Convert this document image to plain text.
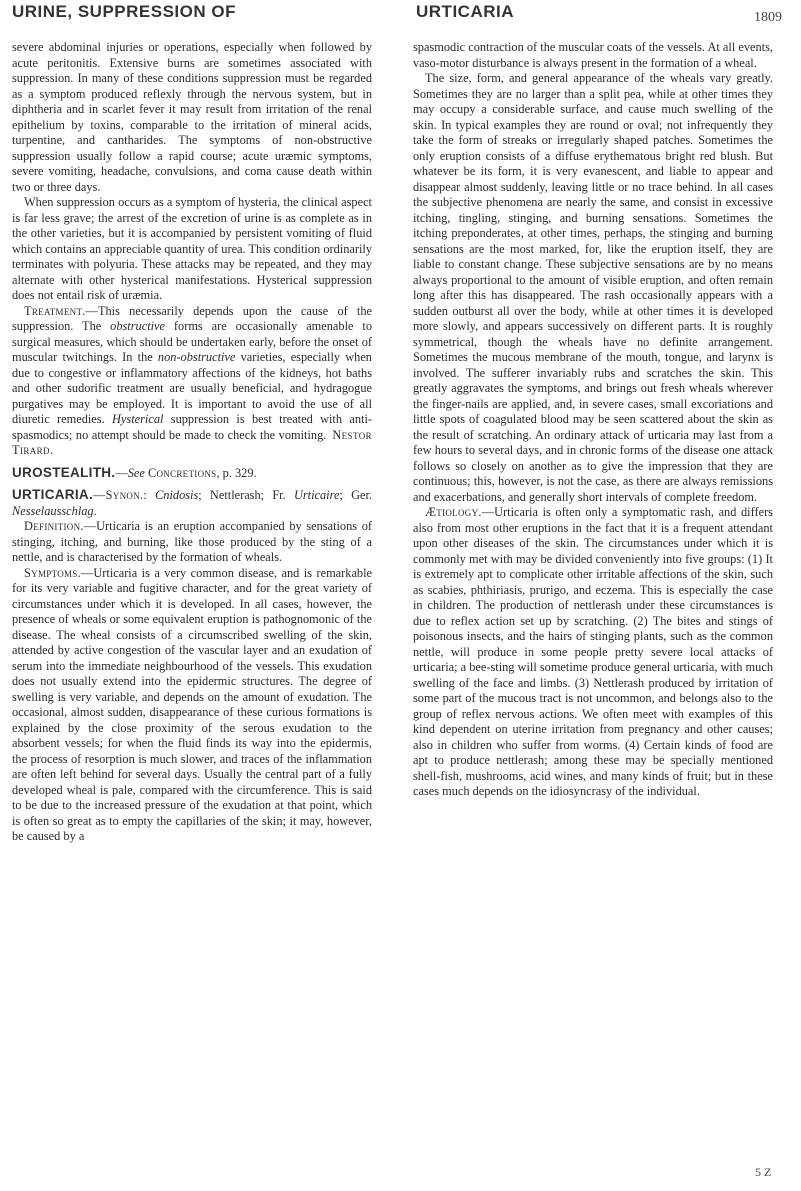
URINE, SUPPRESSION OF	URTICARIA	1809

severe abdominal injuries or operations, especially when followed by acute peritonitis. Extensive burns are sometimes associated with suppression. In many of these conditions suppression must be regarded as a symptom produced reflexly through the nervous system, but in diphtheria and in scarlet fever it may result from irritation of the renal epithelium by toxins, comparable to the irritation of mineral acids, turpentine, and cantharides. The symptoms of non-obstructive suppression usually follow a rapid course; acute uræmic symptoms, severe vomiting, headache, convulsions, and coma cause death within two or three days.

When suppression occurs as a symptom of hysteria, the clinical aspect is far less grave; the arrest of the excretion of urine is as complete as in the other varieties, but it is accompanied by persistent vomiting of fluid which contains an appreciable quantity of urea. This condition ordinarily terminates with polyuria. These attacks may be repeated, and they may alternate with other hysterical manifestations. Hysterical suppression does not entail risk of uræmia.

Treatment.—This necessarily depends upon the cause of the suppression. The obstructive forms are occasionally amenable to surgical measures, which should be undertaken early, before the onset of muscular twitchings. In the non-obstructive varieties, especially when due to congestive or inflammatory affections of the kidneys, hot baths and other sudorific treatment are usually beneficial, and hydragogue purgatives may be employed. It is important to avoid the use of all diuretic remedies. Hysterical suppression is best treated with anti-spasmodics; no attempt should be made to check the vomiting. Nestor Tirard.

UROSTEALITH.—See Concretions, p. 329.

URTICARIA.—Synon.: Cnidosis; Nettlerash; Fr. Urticaire; Ger. Nesselausschlag.

Definition.—Urticaria is an eruption accompanied by sensations of stinging, itching, and burning, like those produced by the sting of a nettle, and is characterised by the formation of wheals.

Symptoms.—Urticaria is a very common disease, and is remarkable for its very variable and fugitive character, and for the great variety of circumstances under which it is developed. In all cases, however, the presence of wheals or some equivalent eruption is pathognomonic of the disease. The wheal consists of a circumscribed swelling of the skin, attended by active congestion of the vascular layer and an exudation of serum into the immediate neighbourhood of the vessels. This exudation does not usually extend into the epidermic structures. The degree of swelling is very variable, and depends on the amount of exudation. The occasional, almost sudden, disappearance of these curious formations is explained by the close proximity of the serous exudation to the absorbent vessels; for when the fluid finds its way into the epidermis, the process of resorption is much slower, and traces of the inflammation are often left behind for several days. Usually the central part of a fully developed wheal is pale, compared with the circumference. This is said to be due to the increased pressure of the exudation at that point, which is often so great as to empty the capillaries of the skin; it may, however, be caused by a

spasmodic contraction of the muscular coats of the vessels. At all events, vaso-motor disturbance is always present in the formation of a wheal.

The size, form, and general appearance of the wheals vary greatly. Sometimes they are no larger than a split pea, while at other times they may occupy a considerable surface, and cause much swelling of the skin. In typical examples they are round or oval; not infrequently they take the form of streaks or irregularly shaped patches. Sometimes the only eruption consists of a diffuse erythematous bright red blush. But whatever be its form, it is very evanescent, and liable to appear and disappear almost suddenly, leaving little or no trace behind. In all cases the subjective phenomena are nearly the same, and consist in excessive itching, tingling, stinging, and burning sensations. Sometimes the itching preponderates, at other times, perhaps, the stinging and burning sensations are the most marked, for, like the eruption itself, they are liable to constant change. These subjective sensations are by no means always proportional to the amount of visible eruption, and often remain long after this has disappeared. The rash occasionally appears with a sudden outburst all over the body, while at other times it is developed more slowly, and appears successively on different parts. It is roughly symmetrical, though the wheals have no definite arrangement. Sometimes the mucous membrane of the mouth, tongue, and larynx is involved. The sufferer invariably rubs and scratches the skin. This greatly aggravates the symptoms, and brings out fresh wheals wherever the finger-nails are applied, and, in severe cases, small excoriations and little spots of coagulated blood may be seen scattered about the skin as the result of scratching. An ordinary attack of urticaria may last from a few hours to several days, and in chronic forms of the disease one attack follows so closely on another as to give the impression that they are continuous; this, however, is not the case, as there are always remissions and exacerbations, and generally short intervals of complete freedom.

Ætiology.—Urticaria is often only a symptomatic rash, and differs also from most other eruptions in the fact that it is a frequent attendant upon other diseases of the skin. The circumstances under which it is commonly met with may be divided conveniently into five groups: (1) It is extremely apt to complicate other irritable affections of the skin, such as scabies, phthiriasis, prurigo, and eczema. This is especially the case in children. The production of nettlerash under these circumstances is due to reflex action set up by scratching. (2) The bites and stings of poisonous insects, and the hairs of stinging plants, such as the common nettle, will produce in some people pretty severe local attacks of urticaria; a bee-sting will sometime produce general urticaria, with much swelling of the face and limbs. (3) Nettlerash produced by irritation of some part of the mucous tract is not uncommon, and belongs also to the group of reflex nervous actions. We often meet with examples of this kind dependent on uterine irritation from pregnancy and other causes; also in children who suffer from worms. (4) Certain kinds of food are apt to produce nettlerash; among these may be specially mentioned shell-fish, mushrooms, acid wines, and many kinds of fruit; but in these cases much depends on the idiosyncrasy of the individual.

5 Z
